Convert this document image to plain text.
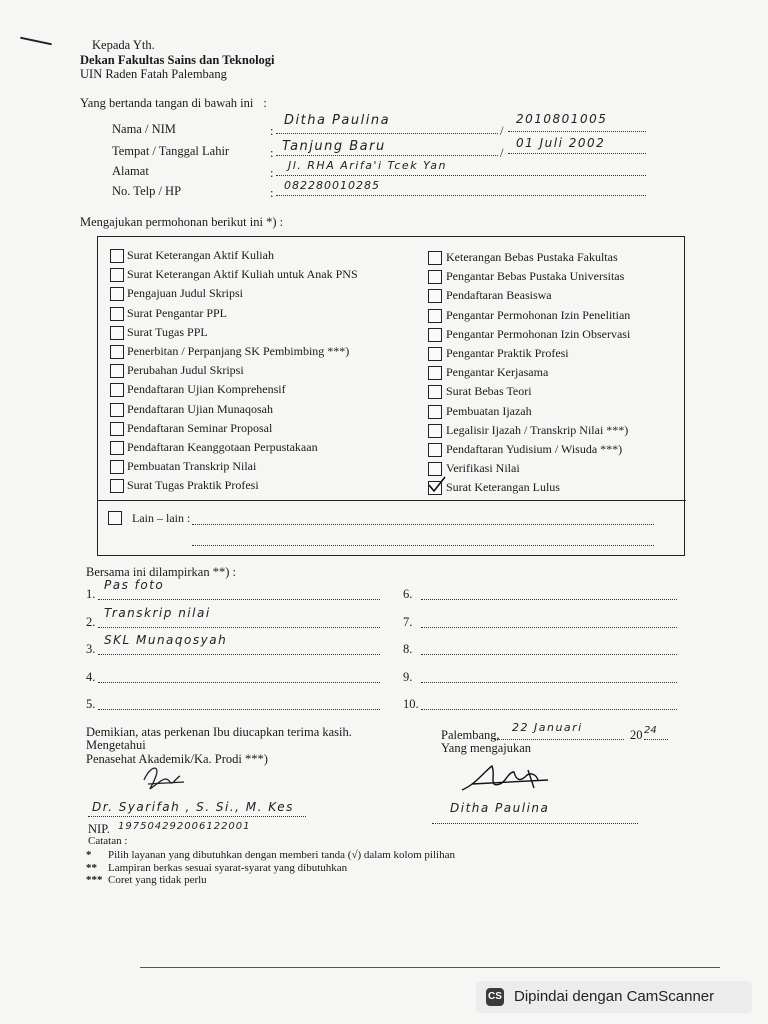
Kepada Yth.
Dekan Fakultas Sains dan Teknologi
UIN Raden Fatah Palembang
Yang bertanda tangan di bawah ini :
Nama / NIM	:
Ditha Paulina
/
2010801005
Tempat / Tanggal Lahir	: Tanjung Baru	/
01 Juli 2002
Alamat	:
Jl. RHA Arifa'i Tcek Yan
No. Telp / HP	:
082280010285
Mengajukan permohonan berikut ini *) :
Surat Keterangan Aktif Kuliah
Surat Keterangan Aktif Kuliah untuk Anak PNS
Pengajuan Judul Skripsi
Surat Pengantar PPL
Surat Tugas PPL
Penerbitan / Perpanjang SK Pembimbing ***)
Perubahan Judul Skripsi
Pendaftaran Ujian Komprehensif
Pendaftaran Ujian Munaqosah
Pendaftaran Seminar Proposal
Pendaftaran Keanggotaan Perpustakaan
Pembuatan Transkrip Nilai
Surat Tugas Praktik Profesi
Keterangan Bebas Pustaka Fakultas
Pengantar Bebas Pustaka Universitas
Pendaftaran Beasiswa
Pengantar Permohonan Izin Penelitian
Pengantar Permohonan Izin Observasi
Pengantar Praktik Profesi
Pengantar Kerjasama
Surat Bebas Teori
Pembuatan Ijazah
Legalisir Ijazah / Transkrip Nilai ***)
Pendaftaran Yudisium / Wisuda ***)
Verifikasi Nilai
Surat Keterangan Lulus
Lain – lain :
Bersama ini dilampirkan **) :
1.
Pas foto
2.
Transkrip nilai
3.
SKL Munaqosyah
4.
5.
6.
7.
8.
9.
10.
Demikian, atas perkenan Ibu diucapkan terima kasih.
Mengetahui
Penasehat Akademik/Ka. Prodi ***)
Dr. Syarifah , S. Si., M. Kes
NIP. 197504292006122001
Palembang,
22 Januari
20 24
Yang mengajukan
Ditha Paulina
Catatan :
* Pilih layanan yang dibutuhkan dengan memberi tanda (√) dalam kolom pilihan
** Lampiran berkas sesuai syarat-syarat yang dibutuhkan
*** Coret yang tidak perlu
CS Dipindai dengan CamScanner
